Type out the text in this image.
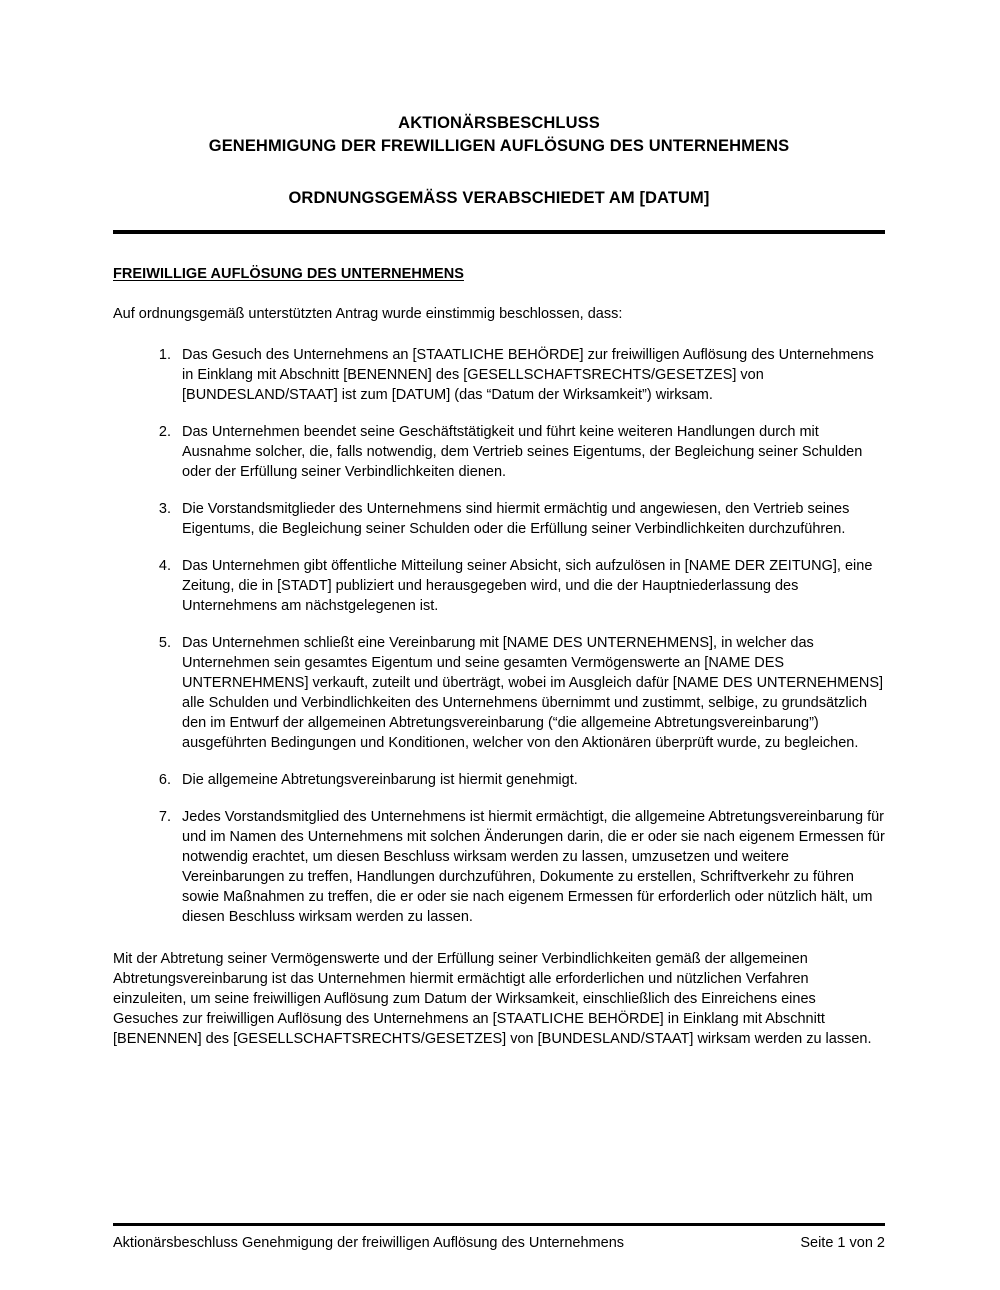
AKTIONÄRSBESCHLUSS
GENEHMIGUNG DER FREWILLIGEN AUFLÖSUNG DES UNTERNEHMENS
ORDNUNGSGEMÄSS VERABSCHIEDET AM [DATUM]
FREIWILLIGE AUFLÖSUNG DES UNTERNEHMENS

Auf ordnungsgemäß unterstützten Antrag wurde einstimmig beschlossen, dass:

1. Das Gesuch des Unternehmens an [STAATLICHE BEHÖRDE] zur freiwilligen Auflösung des Unternehmens in Einklang mit Abschnitt [BENENNEN] des [GESELLSCHAFTSRECHTS/GESETZES] von [BUNDESLAND/STAAT] ist zum [DATUM] (das “Datum der Wirksamkeit”) wirksam.
2. Das Unternehmen beendet seine Geschäftstätigkeit und führt keine weiteren Handlungen durch mit Ausnahme solcher, die, falls notwendig, dem Vertrieb seines Eigentums, der Begleichung seiner Schulden oder der Erfüllung seiner Verbindlichkeiten dienen.
3. Die Vorstandsmitglieder des Unternehmens sind hiermit ermächtig und angewiesen, den Vertrieb seines Eigentums, die Begleichung seiner Schulden oder die Erfüllung seiner Verbindlichkeiten durchzuführen.
4. Das Unternehmen gibt öffentliche Mitteilung seiner Absicht, sich aufzulösen in [NAME DER ZEITUNG], eine Zeitung, die in [STADT] publiziert und herausgegeben wird, und die der Hauptniederlassung des Unternehmens am nächstgelegenen ist.
5. Das Unternehmen schließt eine Vereinbarung mit [NAME DES UNTERNEHMENS], in welcher das Unternehmen sein gesamtes Eigentum und seine gesamten Vermögenswerte an [NAME DES UNTERNEHMENS] verkauft, zuteilt und überträgt, wobei im Ausgleich dafür [NAME DES UNTERNEHMENS] alle Schulden und Verbindlichkeiten des Unternehmens übernimmt und zustimmt, selbige, zu grundsätzlich den im Entwurf der allgemeinen Abtretungsvereinbarung (“die allgemeine Abtretungsvereinbarung”) ausgeführten Bedingungen und Konditionen, welcher von den Aktionären überprüft wurde, zu begleichen.
6. Die allgemeine Abtretungsvereinbarung ist hiermit genehmigt.
7. Jedes Vorstandsmitglied des Unternehmens ist hiermit ermächtigt, die allgemeine Abtretungsvereinbarung für und im Namen des Unternehmens mit solchen Änderungen darin, die er oder sie nach eigenem Ermessen für notwendig erachtet, um diesen Beschluss wirksam werden zu lassen, umzusetzen und weitere Vereinbarungen zu treffen, Handlungen durchzuführen, Dokumente zu erstellen, Schriftverkehr zu führen sowie Maßnahmen zu treffen, die er oder sie nach eigenem Ermessen für erforderlich oder nützlich hält, um diesen Beschluss wirksam werden zu lassen.

Mit der Abtretung seiner Vermögenswerte und der Erfüllung seiner Verbindlichkeiten gemäß der allgemeinen Abtretungsvereinbarung ist das Unternehmen hiermit ermächtigt alle erforderlichen und nützlichen Verfahren einzuleiten, um seine freiwilligen Auflösung zum Datum der Wirksamkeit, einschließlich des Einreichens eines Gesuches zur freiwilligen Auflösung des Unternehmens an [STAATLICHE BEHÖRDE] in Einklang mit Abschnitt [BENENNEN] des [GESELLSCHAFTSRECHTS/GESETZES] von [BUNDESLAND/STAAT] wirksam werden zu lassen.

Aktionärsbeschluss Genehmigung der freiwilligen Auflösung des Unternehmens	Seite 1 von 2
